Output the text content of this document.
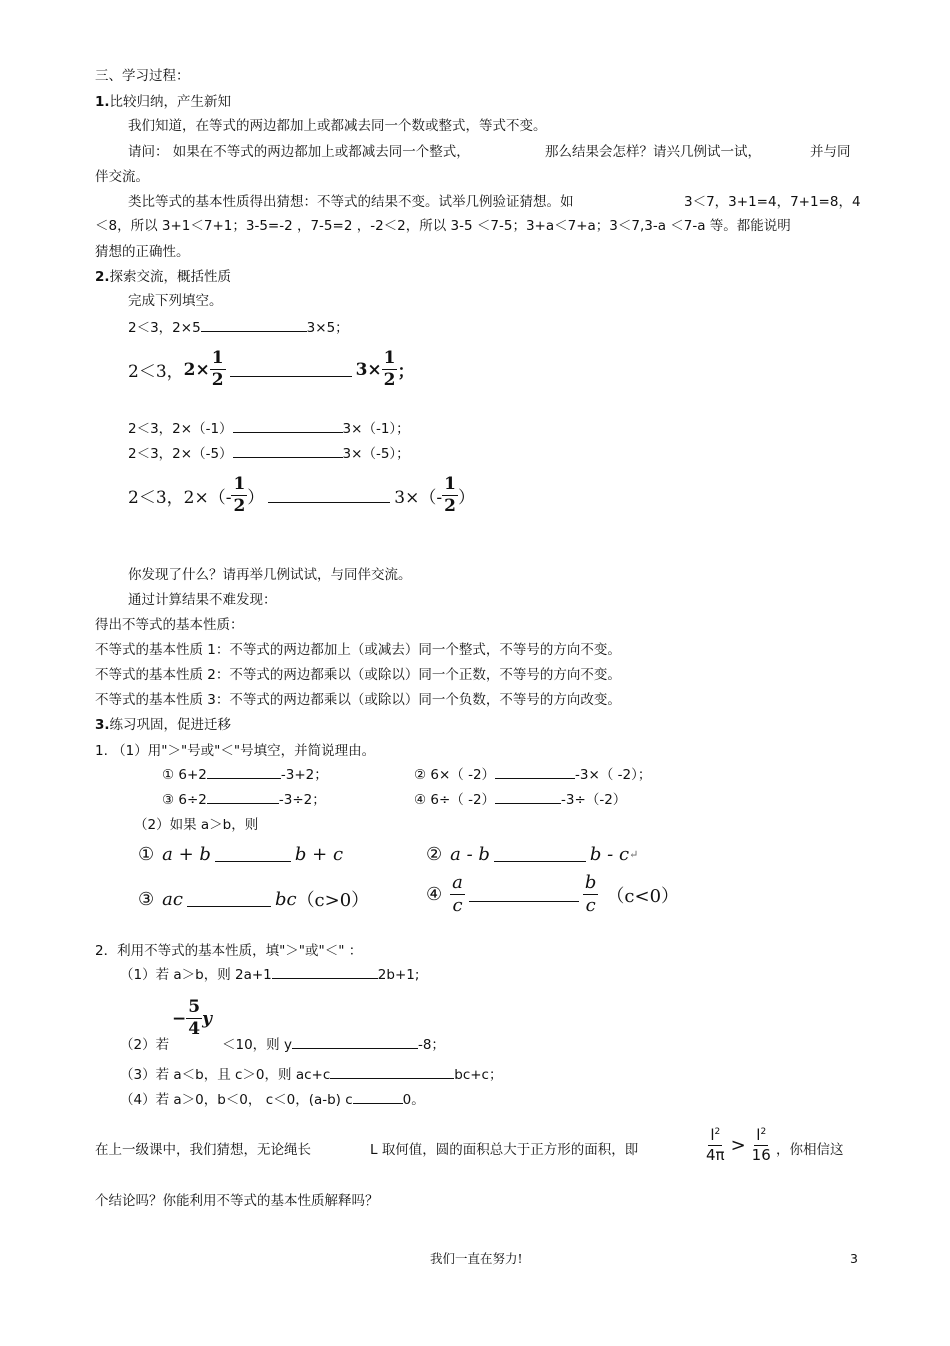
三、学习过程：
1.比较归纳，产生新知
我们知道，在等式的两边都加上或都减去同一个数或整式，等式不变。
请问： 如果在不等式的两边都加上或都减去同一个整式，	那么结果会怎样？请兴几例试一试，	并与同
伴交流。
类比等式的基本性质得出猜想：不等式的结果不变。试举几例验证猜想。如	3＜7，3+1=4，7+1=8，4
＜8，所以 3+1＜7+1；3-5=-2 ，7-5=2 ，-2＜2，所以 3-5 ＜7-5；3+a＜7+a；3＜7,3-a ＜7-a 等。都能说明
猜想的正确性。
2.探索交流，概括性质
完成下列填空。
2＜3，2×5	3×5；
2＜3， $2\times \frac{1}{2}$	$3\times \frac{1}{2}$ ；
2＜3，2×（-1）	3×（-1）；
2＜3，2×（-5）	3×（-5）；
2＜3，$2\times(- \frac{1}{2}$ ）	$3\times(- \frac{1}{2}$ ）
你发现了什么？请再举几例试试，与同伴交流。
通过计算结果不难发现：
得出不等式的基本性质：
不等式的基本性质 1：不等式的两边都加上（或减去）同一个整式，不等号的方向不变。
不等式的基本性质 2：不等式的两边都乘以（或除以）同一个正数，不等号的方向不变。
不等式的基本性质 3：不等式的两边都乘以（或除以）同一个负数，不等号的方向改变。
3.练习巩固，促进迁移
1. （1）用"＞"号或"＜"号填空，并简说理由。
① 6+2	-3+2；	② 6×（ -2）	-3×（ -2）；
③ 6÷2	-3÷2；	④ 6÷（ -2）	-3÷（-2）
（2）如果 a＞b，则
① a + b	b + c	② a - b	b - c ↵
③ ac	bc （c>0）	④ $\frac{a}{c}$	$\frac{b}{c} (c<0)$
2．利用不等式的基本性质，填"＞"或"＜" ：
（1）若 a＞b，则 2a+1	2b+1;
（2）若
− $\frac{5}{4}$ y
＜10，则 y	-8；
（3）若 a＜b，且 c＞0，则 ac+c	bc+c；
（4）若 a＞0，b＜0， c＜0，(a-b) c	0。
在上一级课中，我们猜想，无论绳长	L 取何值，圆的面积总大于正方形的面积，即	$\frac{l^2}{4\pi} > \frac{l^2}{16}$ ，你相信这
个结论吗？你能利用不等式的基本性质解释吗？
我们一直在努力!	3
